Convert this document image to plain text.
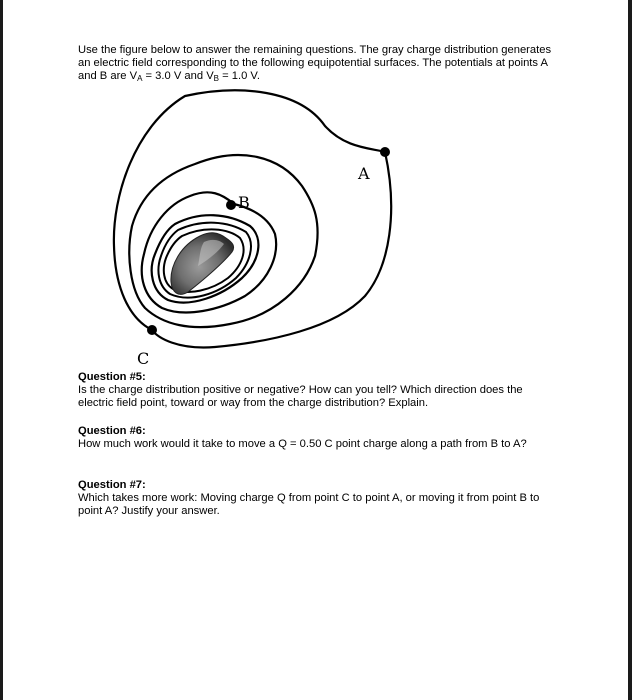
Use the figure below to answer the remaining questions. The gray charge distribution generates an electric field corresponding to the following equipotential surfaces. The potentials at points A and B are $V_A = 3.0$ V and $V_B = 1.0$ V.

A
B
C
Question #5:

Is the charge distribution positive or negative? How can you tell? Which direction does the electric field point, toward or way from the charge distribution? Explain.

Question #6:

How much work would it take to move a Q = 0.50 C point charge along a path from B to A?

Question #7:

Which takes more work: Moving charge Q from point C to point A, or moving it from point B to point A? Justify your answer.
